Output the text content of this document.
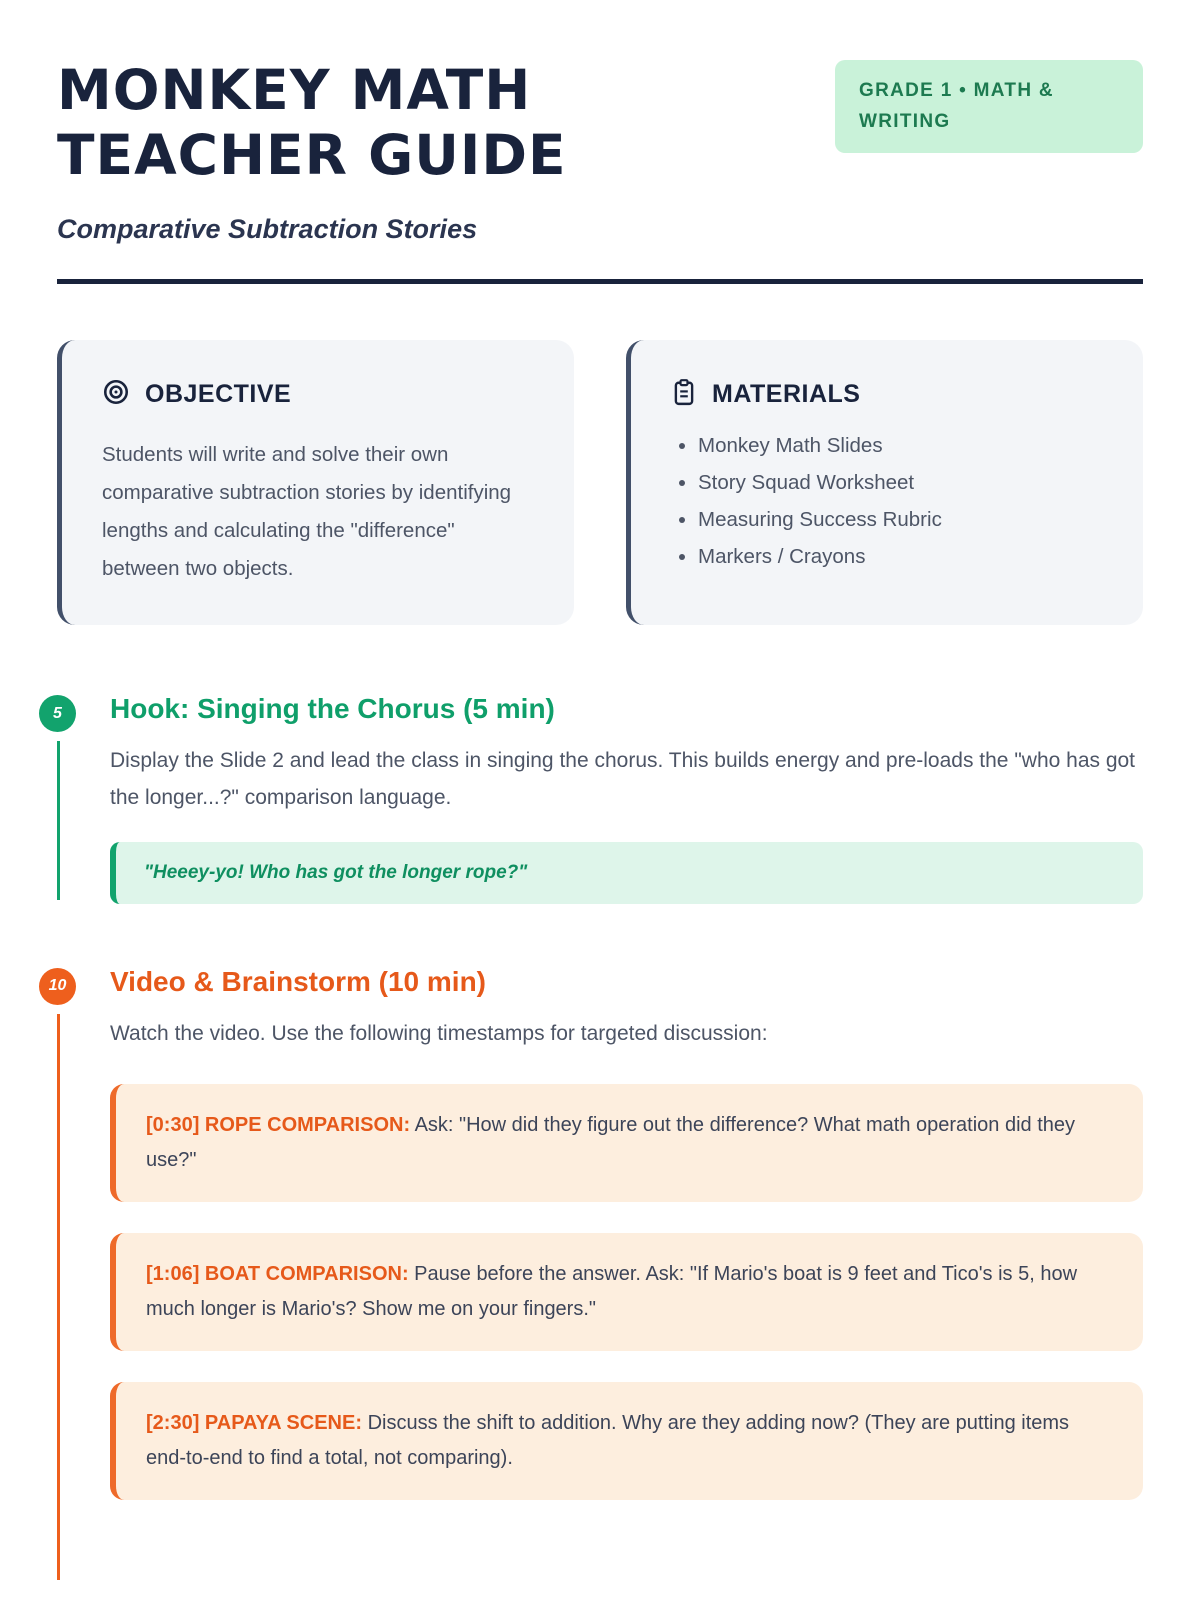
MONKEY MATH
TEACHER GUIDE
Comparative Subtraction Stories
GRADE 1 • MATH & WRITING
OBJECTIVE

Students will write and solve their own comparative subtraction stories by identifying lengths and calculating the "difference" between two objects.

MATERIALS
• Monkey Math Slides
• Story Squad Worksheet
• Measuring Success Rubric
• Markers / Crayons
5	Hook: Singing the Chorus (5 min)

Display the Slide 2 and lead the class in singing the chorus. This builds energy and pre-loads the "who has got the longer...?" comparison language.

"Heeey-yo! Who has got the longer rope?"
10	Video & Brainstorm (10 min)

Watch the video. Use the following timestamps for targeted discussion:

[0:30] ROPE COMPARISON: Ask: "How did they figure out the difference? What math operation did they use?"

[1:06] BOAT COMPARISON: Pause before the answer. Ask: "If Mario's boat is 9 feet and Tico's is 5, how much longer is Mario's? Show me on your fingers."

[2:30] PAPAYA SCENE: Discuss the shift to addition. Why are they adding now? (They are putting items end-to-end to find a total, not comparing).
